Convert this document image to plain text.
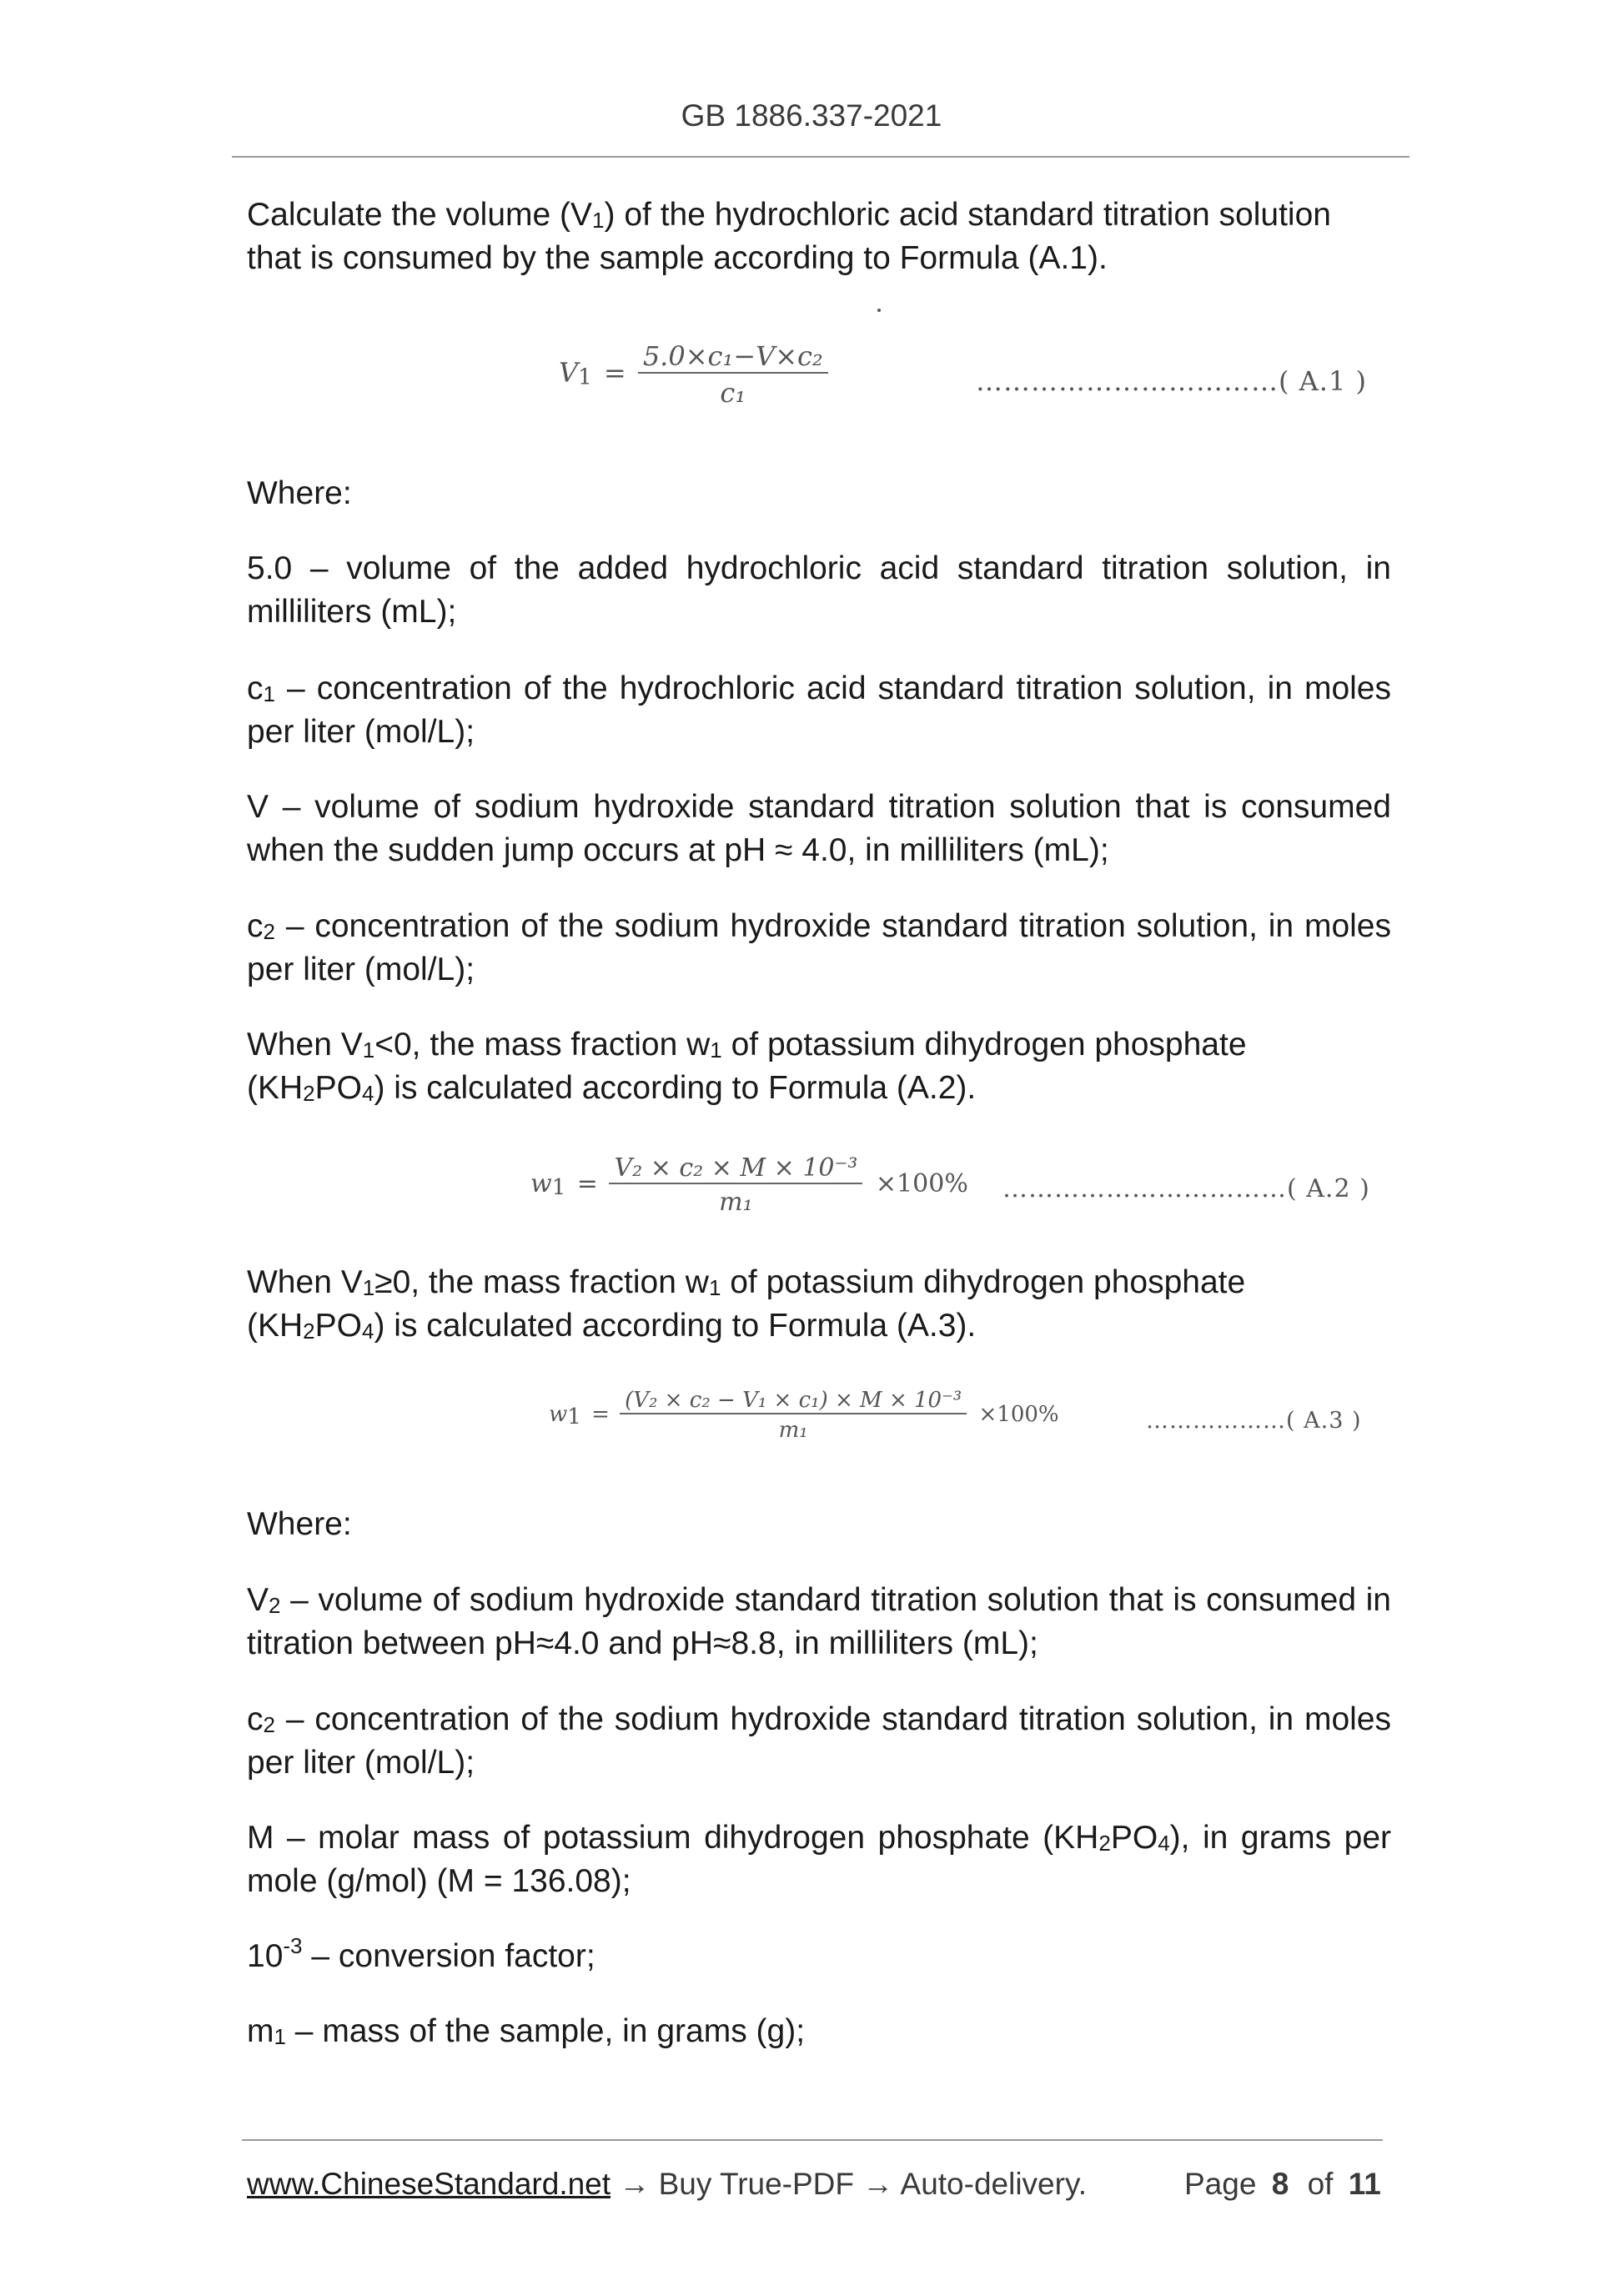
GB 1886.337-2021
Calculate the volume (V1) of the hydrochloric acid standard titration solution that is consumed by the sample according to Formula (A.1).
$V1 = \frac{\text{5.0×c₁−V×c₂}}{\text{c₁}}$	……………………………( A.1 )
Where:
5.0 – volume of the added hydrochloric acid standard titration solution, in milliliters (mL);
c1 – concentration of the hydrochloric acid standard titration solution, in moles per liter (mol/L);
V – volume of sodium hydroxide standard titration solution that is consumed when the sudden jump occurs at pH ≈ 4.0, in milliliters (mL);
c2 – concentration of the sodium hydroxide standard titration solution, in moles per liter (mol/L);
When V1<0, the mass fraction w1 of potassium dihydrogen phosphate (KH2PO4) is calculated according to Formula (A.2).
$w1 = \frac{\text{V₂ × c₂ × M × 10⁻³}}{\text{m₁}} \times 100\%$ ……………………………( A.2 )
When V1≥0, the mass fraction w1 of potassium dihydrogen phosphate (KH2PO4) is calculated according to Formula (A.3).
$w1 = \frac{\text{(V₂ × c₂ − V₁ × c₁) × M × 10⁻³}}{\text{m₁}} \times 100\%$	………………( A.3 )
Where:
V2 – volume of sodium hydroxide standard titration solution that is consumed in titration between pH≈4.0 and pH≈8.8, in milliliters (mL);
c2 – concentration of the sodium hydroxide standard titration solution, in moles per liter (mol/L);
M – molar mass of potassium dihydrogen phosphate (KH2PO4), in grams per mole (g/mol) (M = 136.08);
$10^{-3}$ – conversion factor;
m1 – mass of the sample, in grams (g);
www.ChineseStandard.net → Buy True-PDF → Auto-delivery.	Page 8 of 11
